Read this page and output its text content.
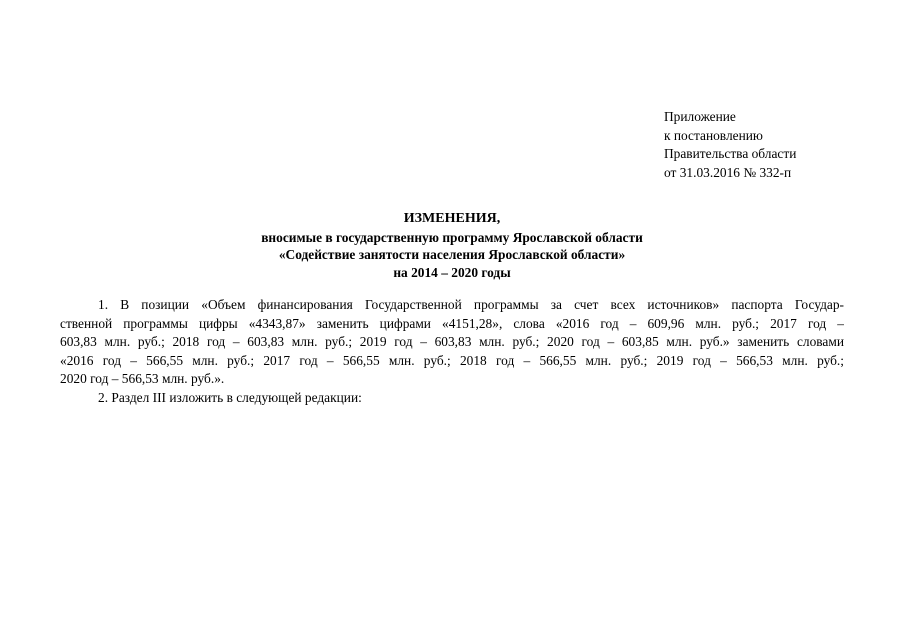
Приложение
к постановлению
Правительства области
от 31.03.2016 № 332-п
ИЗМЕНЕНИЯ,
вносимые в государственную программу Ярославской области
«Содействие занятости населения Ярославской области»
на 2014 – 2020 годы
1. В позиции «Объем финансирования Государственной программы за счет всех источников» паспорта Государ-
ственной программы цифры «4343,87» заменить цифрами «4151,28», слова «2016 год – 609,96 млн. руб.; 2017 год –
603,83 млн. руб.; 2018 год – 603,83 млн. руб.; 2019 год – 603,83 млн. руб.; 2020 год – 603,85 млн. руб.» заменить словами
«2016 год – 566,55 млн. руб.; 2017 год – 566,55 млн. руб.; 2018 год – 566,55 млн. руб.; 2019 год – 566,53 млн. руб.;
2020 год – 566,53 млн. руб.».
2. Раздел III изложить в следующей редакции:
